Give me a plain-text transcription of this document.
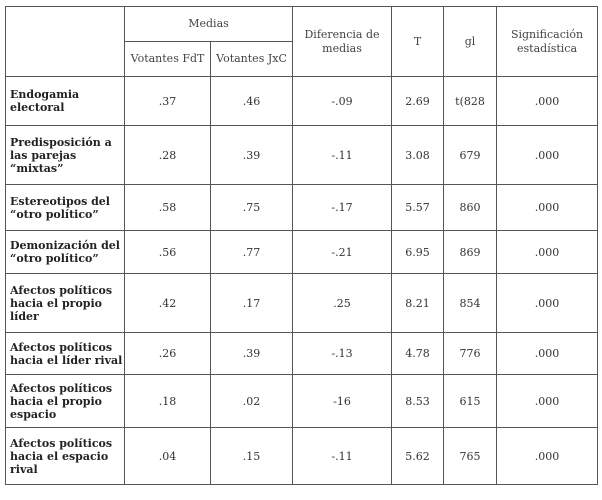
	Medias		Diferencia de medias	T	gl	Significación estadística
	Votantes FdT	Votantes JxC				
Endogamia electoral	.37	.46	-.09	2.69	t(828	.000
Predisposición a las parejas “mixtas”	.28	.39	-.11	3.08	679	.000
Estereotipos del “otro político”	.58	.75	-.17	5.57	860	.000
Demonización del “otro político”	.56	.77	-.21	6.95	869	.000
Afectos políticos hacia el propio líder	.42	.17	.25	8.21	854	.000
Afectos políticos hacia el líder rival	.26	.39	-.13	4.78	776	.000
Afectos políticos hacia el propio espacio	.18	.02	-16	8.53	615	.000
Afectos políticos hacia el espacio rival	.04	.15	-.11	5.62	765	.000
